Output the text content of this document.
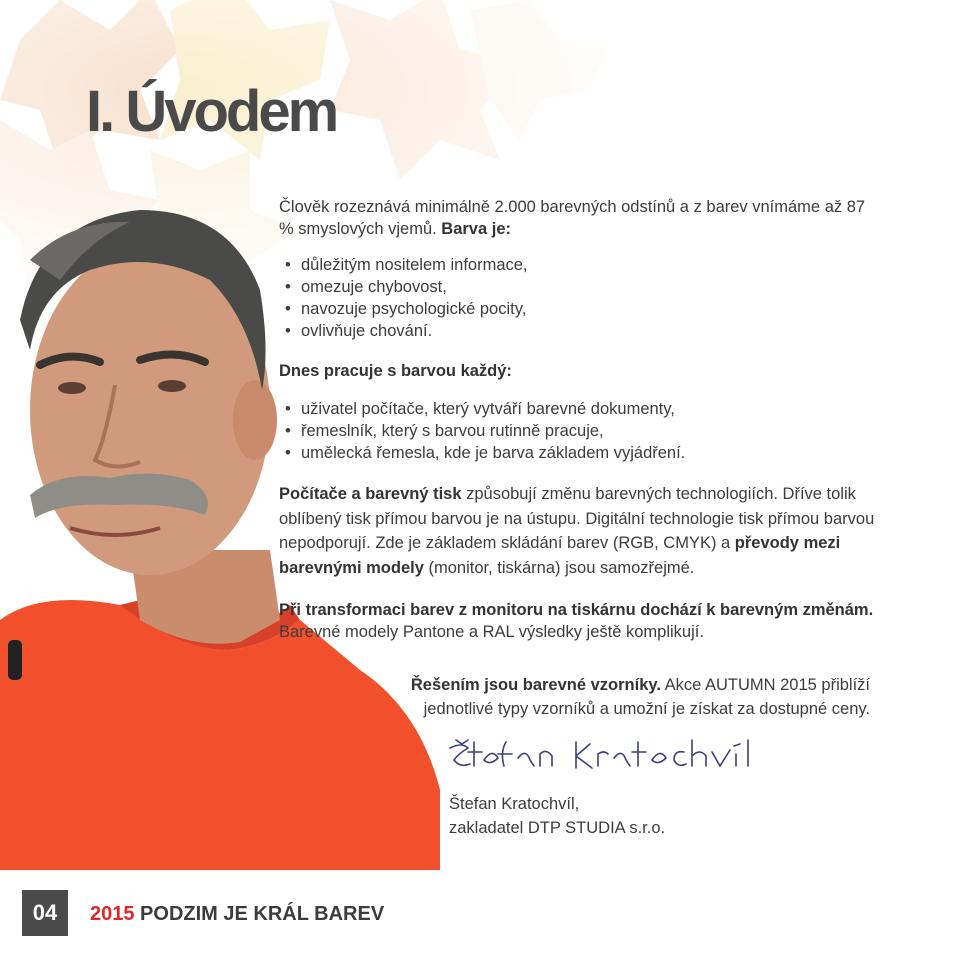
I. Úvodem

Člověk rozeznává minimálně 2.000 barevných odstínů a z barev vnímáme až 87 % smyslových vjemů. Barva je:

• důležitým nositelem informace,
• omezuje chybovost,
• navozuje psychologické pocity,
• ovlivňuje chování.

Dnes pracuje s barvou každý:

• uživatel počítače, který vytváří barevné dokumenty,
• řemeslník, který s barvou rutinně pracuje,
• umělecká řemesla, kde je barva základem vyjádření.

Počítače a barevný tisk způsobují změnu barevných technologiích. Dříve tolik oblíbený tisk přímou barvou je na ústupu. Digitální technologie tisk přímou barvou nepodporují. Zde je základem skládání barev (RGB, CMYK) a převody mezi barevnými modely (monitor, tiskárna) jsou samozřejmé.

Při transformaci barev z monitoru na tiskárnu dochází k barevným změnám.
Barevné modely Pantone a RAL výsledky ještě komplikují.

Řešením jsou barevné vzorníky. Akce AUTUMN 2015 přiblíží jednotlivé typy vzorníků a umožní je získat za dostupné ceny.

Štefan Kratochvíl,
zakladatel DTP STUDIA s.r.o.
04	2015 PODZIM JE KRÁL BAREV
